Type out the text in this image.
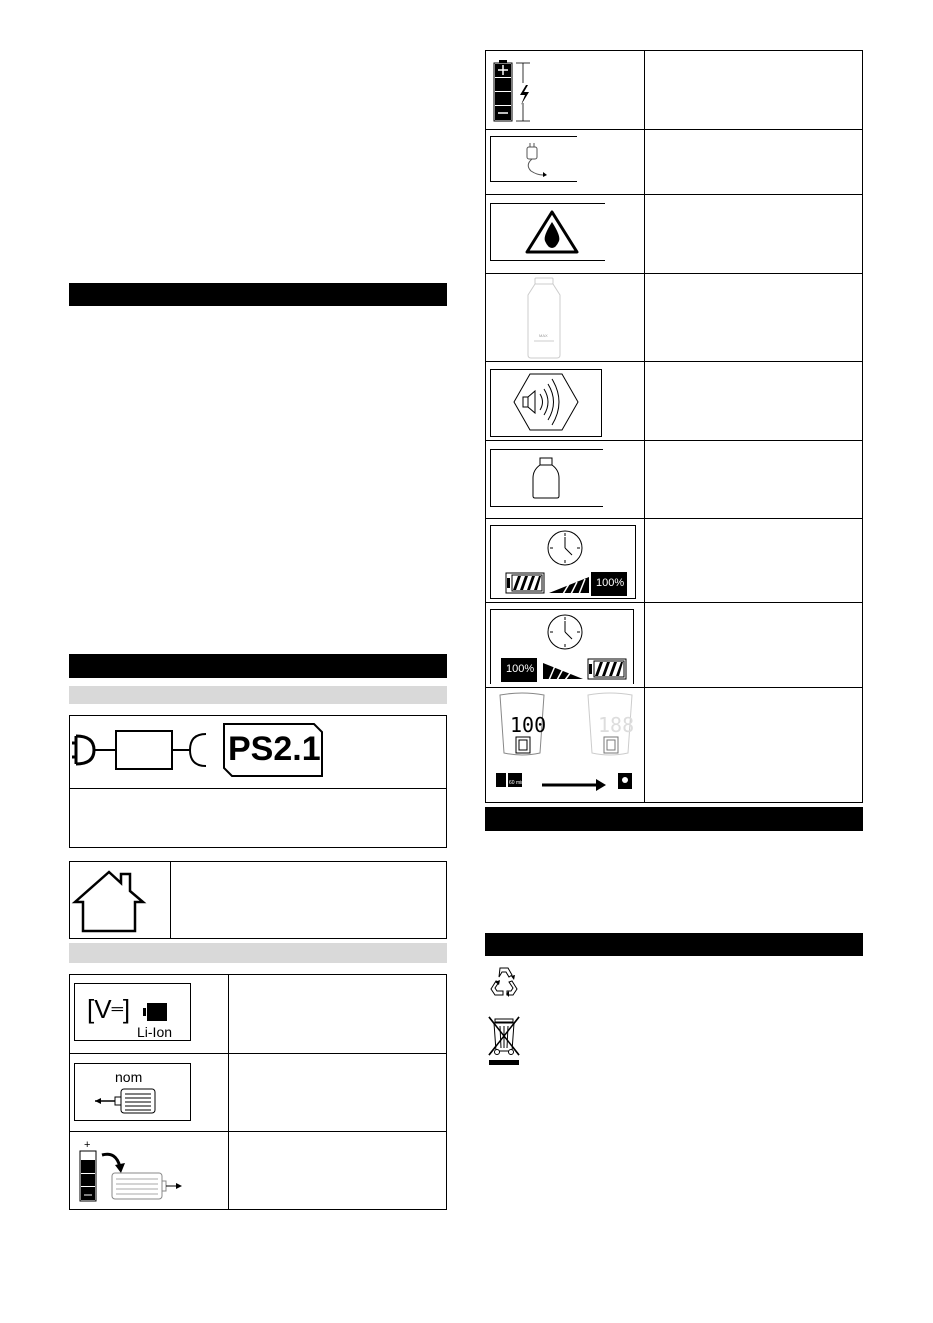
PS2.1
[V═]
Li-Ion
nom
+
MAX
100%
100%
100	188
60 min
